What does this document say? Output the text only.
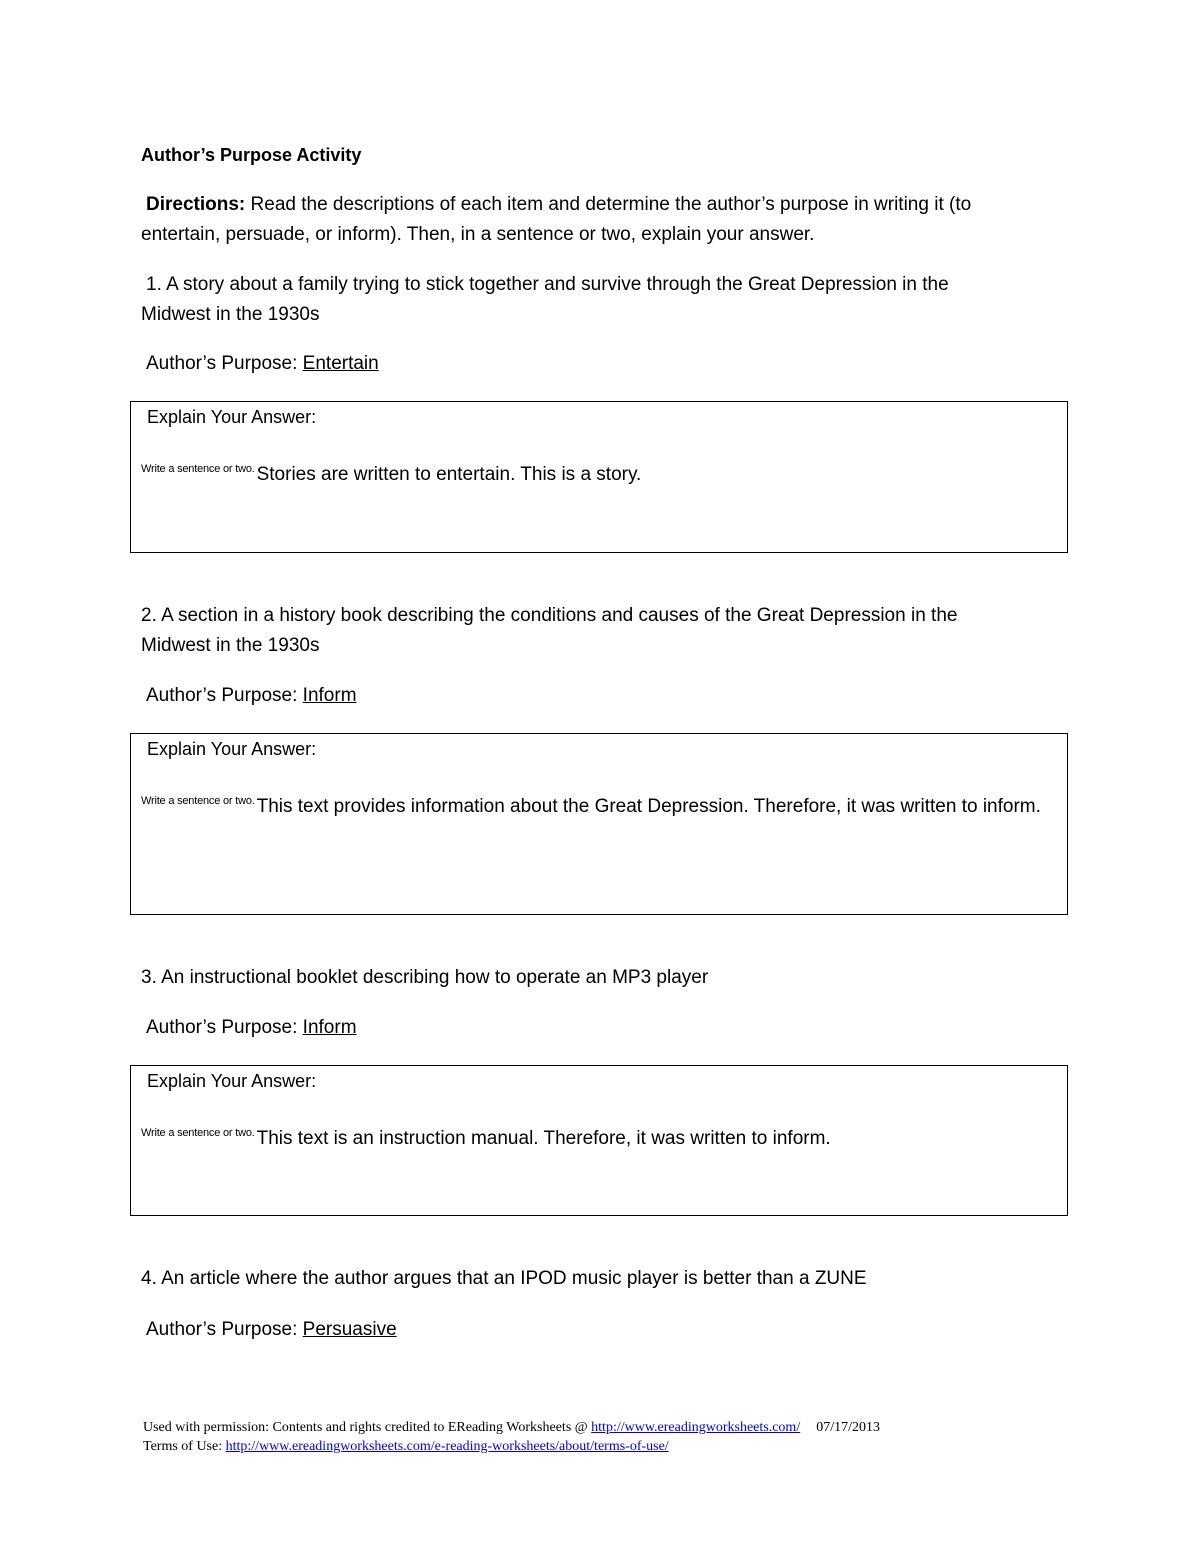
Author’s Purpose Activity
Directions: Read the descriptions of each item and determine the author’s purpose in writing it (to
entertain, persuade, or inform). Then, in a sentence or two, explain your answer.
1. A story about a family trying to stick together and survive through the Great Depression in the
Midwest in the 1930s
Author’s Purpose: Entertain
Explain Your Answer:
$^{Write a sentence or two.}$ Stories are written to entertain. This is a story.
2. A section in a history book describing the conditions and causes of the Great Depression in the
Midwest in the 1930s
Author’s Purpose: Inform
Explain Your Answer:
$^{Write a sentence or two.}$ This text provides information about the Great Depression. Therefore, it was written to inform.
3. An instructional booklet describing how to operate an MP3 player
Author’s Purpose: Inform
Explain Your Answer:
$^{Write a sentence or two.}$ This text is an instruction manual. Therefore, it was written to inform.
4. An article where the author argues that an IPOD music player is better than a ZUNE
Author’s Purpose: Persuasive
Used with permission: Contents and rights credited to EReading Worksheets @ http://www.ereadingworksheets.com/ 07/17/2013
Terms of Use: http://www.ereadingworksheets.com/e-reading-worksheets/about/terms-of-use/
